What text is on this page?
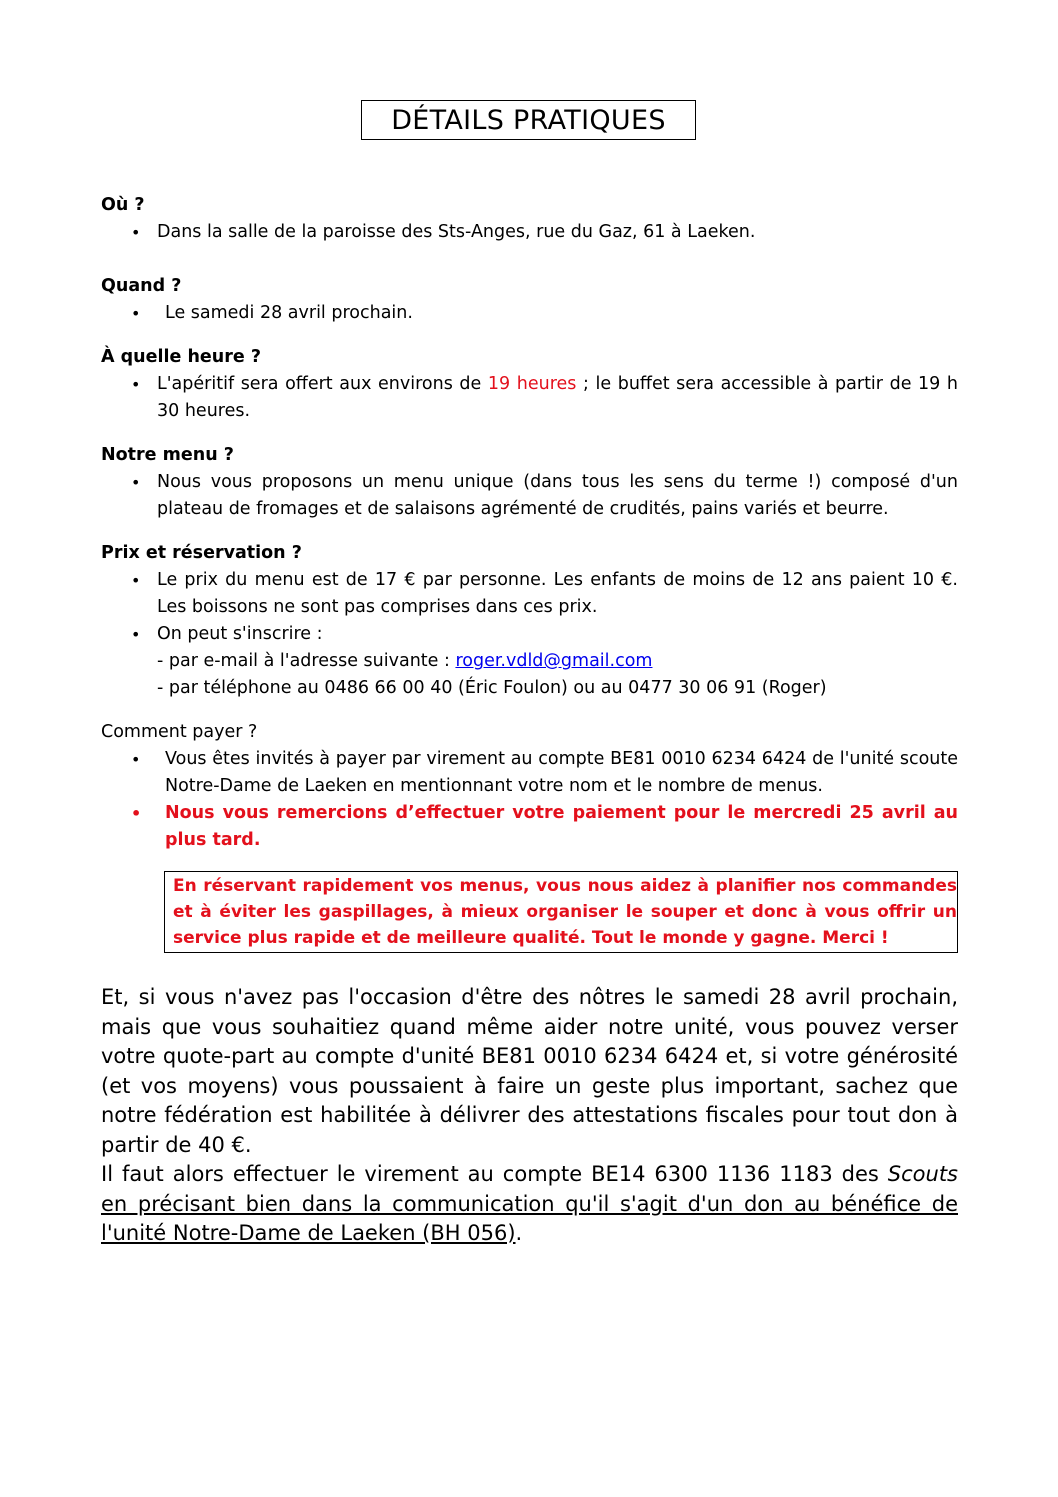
DÉTAILS PRATIQUES

Où ?

• Dans la salle de la paroisse des Sts-Anges, rue du Gaz, 61 à Laeken.

Quand ?

• Le samedi 28 avril prochain.

À quelle heure ?

• L'apéritif sera offert aux environs de 19 heures ; le buffet sera accessible à partir de 19 h 30 heures.

Notre menu ?

• Nous vous proposons un menu unique (dans tous les sens du terme !) composé d'un plateau de fromages et de salaisons agrémenté de crudités, pains variés et beurre.

Prix et réservation ?

• Le prix du menu est de 17 € par personne. Les enfants de moins de 12 ans paient 10 €. Les boissons ne sont pas comprises dans ces prix.
• On peut s'inscrire :
- par e-mail à l'adresse suivante : roger.vdld@gmail.com
- par téléphone au 0486 66 00 40 (Éric Foulon) ou au 0477 30 06 91 (Roger)

Comment payer ?

• Vous êtes invités à payer par virement au compte BE81 0010 6234 6424 de l'unité scoute Notre-Dame de Laeken en mentionnant votre nom et le nombre de menus.
• Nous vous remercions d’effectuer votre paiement pour le mercredi 25 avril au plus tard.
En réservant rapidement vos menus, vous nous aidez à planifier nos commandes et à éviter les gaspillages, à mieux organiser le souper et donc à vous offrir un service plus rapide et de meilleure qualité. Tout le monde y gagne. Merci !

Et, si vous n'avez pas l'occasion d'être des nôtres le samedi 28 avril prochain, mais que vous souhaitiez quand même aider notre unité, vous pouvez verser votre quote-part au compte d'unité BE81 0010 6234 6424 et, si votre générosité (et vos moyens) vous poussaient à faire un geste plus important, sachez que notre fédération est habilitée à délivrer des attestations fiscales pour tout don à partir de 40 €.

Il faut alors effectuer le virement au compte BE14 6300 1136 1183 des Scouts en précisant bien dans la communication qu'il s'agit d'un don au bénéfice de l'unité Notre-Dame de Laeken (BH 056).
